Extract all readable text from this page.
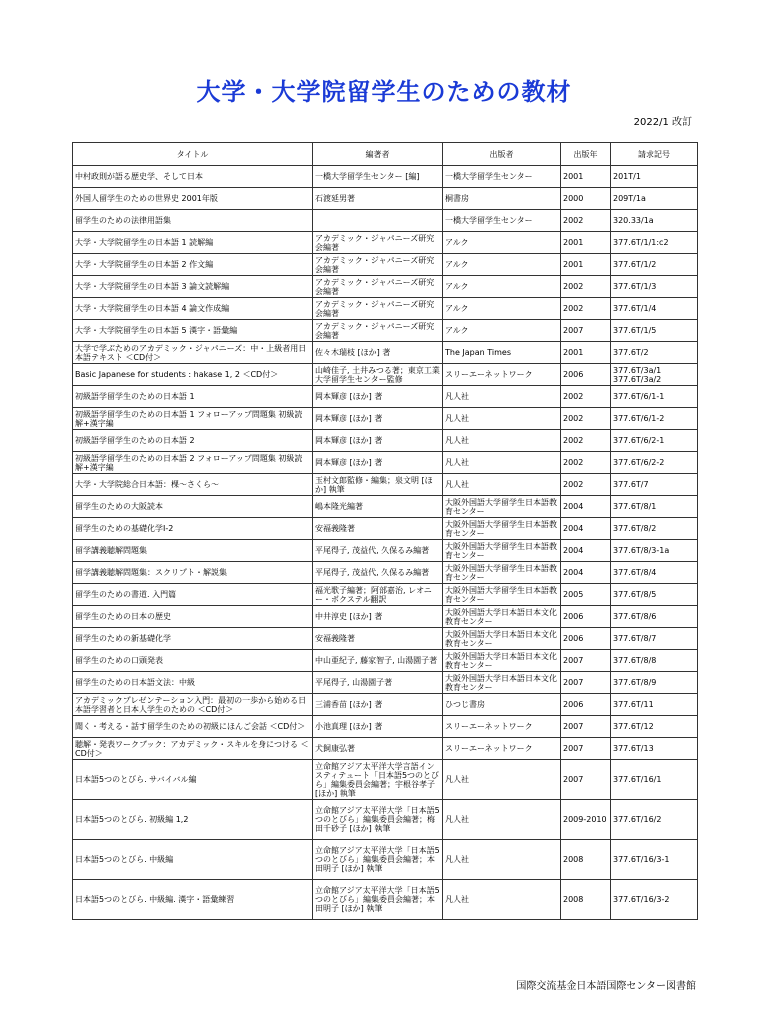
大学・大学院留学生のための教材
2022/1 改訂
タイトル	編著者	出版者	出版年	請求記号
中村政則が語る歴史学、そして日本	一橋大学留学生センター [編]	一橋大学留学生センター	2001	201T/1
外国人留学生のための世界史 2001年版	石渡延男著	桐書房	2000	209T/1a
留学生のための法律用語集		一橋大学留学生センター	2002	320.33/1a
大学・大学院留学生の日本語 1 読解編	アカデミック・ジャパニーズ研究会編著	アルク	2001	377.6T/1/1:c2
大学・大学院留学生の日本語 2 作文編	アカデミック・ジャパニーズ研究会編著	アルク	2001	377.6T/1/2
大学・大学院留学生の日本語 3 論文読解編	アカデミック・ジャパニーズ研究会編著	アルク	2002	377.6T/1/3
大学・大学院留学生の日本語 4 論文作成編	アカデミック・ジャパニーズ研究会編著	アルク	2002	377.6T/1/4
大学・大学院留学生の日本語 5 漢字・語彙編	アカデミック・ジャパニーズ研究会編著	アルク	2007	377.6T/1/5
大学で学ぶためのアカデミック・ジャパニーズ：中・上級者用日本語テキスト ＜CD付＞	佐々木瑞枝 [ほか] 著	The Japan Times	2001	377.6T/2
Basic Japanese for students : hakase 1, 2 ＜CD付＞	山崎佳子, 土井みつる著；東京工業大学留学生センター監修	スリーエーネットワーク	2006	377.6T/3a/1 377.6T/3a/2
初級語学留学生のための日本語 1	岡本輝彦 [ほか] 著	凡人社	2002	377.6T/6/1-1
初級語学留学生のための日本語 1 フォローアップ問題集 初級読解+漢字編	岡本輝彦 [ほか] 著	凡人社	2002	377.6T/6/1-2
初級語学留学生のための日本語 2	岡本輝彦 [ほか] 著	凡人社	2002	377.6T/6/2-1
初級語学留学生のための日本語 2 フォローアップ問題集 初級読解+漢字編	岡本輝彦 [ほか] 著	凡人社	2002	377.6T/6/2-2
大学・大学院総合日本語：棵～さくら～	玉村文郎監修・編集；泉文明 [ほか] 執筆	凡人社	2002	377.6T/7
留学生のための大阪読本	嶋本隆光編著	大阪外国語大学留学生日本語教育センター	2004	377.6T/8/1
留学生のための基礎化学I-2	安福義隆著	大阪外国語大学留学生日本語教育センター	2004	377.6T/8/2
留学講義聴解問題集	平尾得子, 茂益代, 久保るみ編著	大阪外国語大学留学生日本語教育センター	2004	377.6T/8/3-1a
留学講義聴解問題集：スクリプト・解説集	平尾得子, 茂益代, 久保るみ編著	大阪外国語大学留学生日本語教育センター	2004	377.6T/8/4
留学生のための書道. 入門篇	福光歌子編著；阿部嘉治, レオニー・ボクステル翻訳	大阪外国語大学留学生日本語教育センター	2005	377.6T/8/5
留学生のための日本の歴史	中井淳史 [ほか] 著	大阪外国語大学日本語日本文化教育センター	2006	377.6T/8/6
留学生のための新基礎化学	安福義隆著	大阪外国語大学日本語日本文化教育センター	2006	377.6T/8/7
留学生のための口頭発表	中山亜紀子, 藤家智子, 山湯園子著	大阪外国語大学日本語日本文化教育センター	2007	377.6T/8/8
留学生のための日本語文法：中級	平尾得子, 山湯園子著	大阪外国語大学日本語日本文化教育センター	2007	377.6T/8/9
アカデミックプレゼンテーション入門：最初の一歩から始める日本語学習者と日本人学生のための ＜CD付＞	三浦香苗 [ほか] 著	ひつじ書房	2006	377.6T/11
聞く・考える・話す留学生のための初級にほんご会話 ＜CD付＞	小池真理 [ほか] 著	スリーエーネットワーク	2007	377.6T/12
聴解・発表ワークブック：アカデミック・スキルを身につける ＜CD付＞	犬飼康弘著	スリーエーネットワーク	2007	377.6T/13
日本語5つのとびら. サバイバル編	立命館アジア太平洋大学言語インスティテュート「日本語5つのとびら」編集委員会編著；宇根谷孝子 [ほか] 執筆	凡人社	2007	377.6T/16/1
日本語5つのとびら. 初級編 1,2	立命館アジア太平洋大学「日本語5つのとびら」編集委員会編著；梅田千砂子 [ほか] 執筆	凡人社	2009-2010	377.6T/16/2
日本語5つのとびら. 中級編	立命館アジア太平洋大学「日本語5つのとびら」編集委員会編著；本田明子 [ほか] 執筆	凡人社	2008	377.6T/16/3-1
日本語5つのとびら. 中級編. 漢字・語彙練習	立命館アジア太平洋大学「日本語5つのとびら」編集委員会編著；本田明子 [ほか] 執筆	凡人社	2008	377.6T/16/3-2
国際交流基金日本語国際センター図書館
